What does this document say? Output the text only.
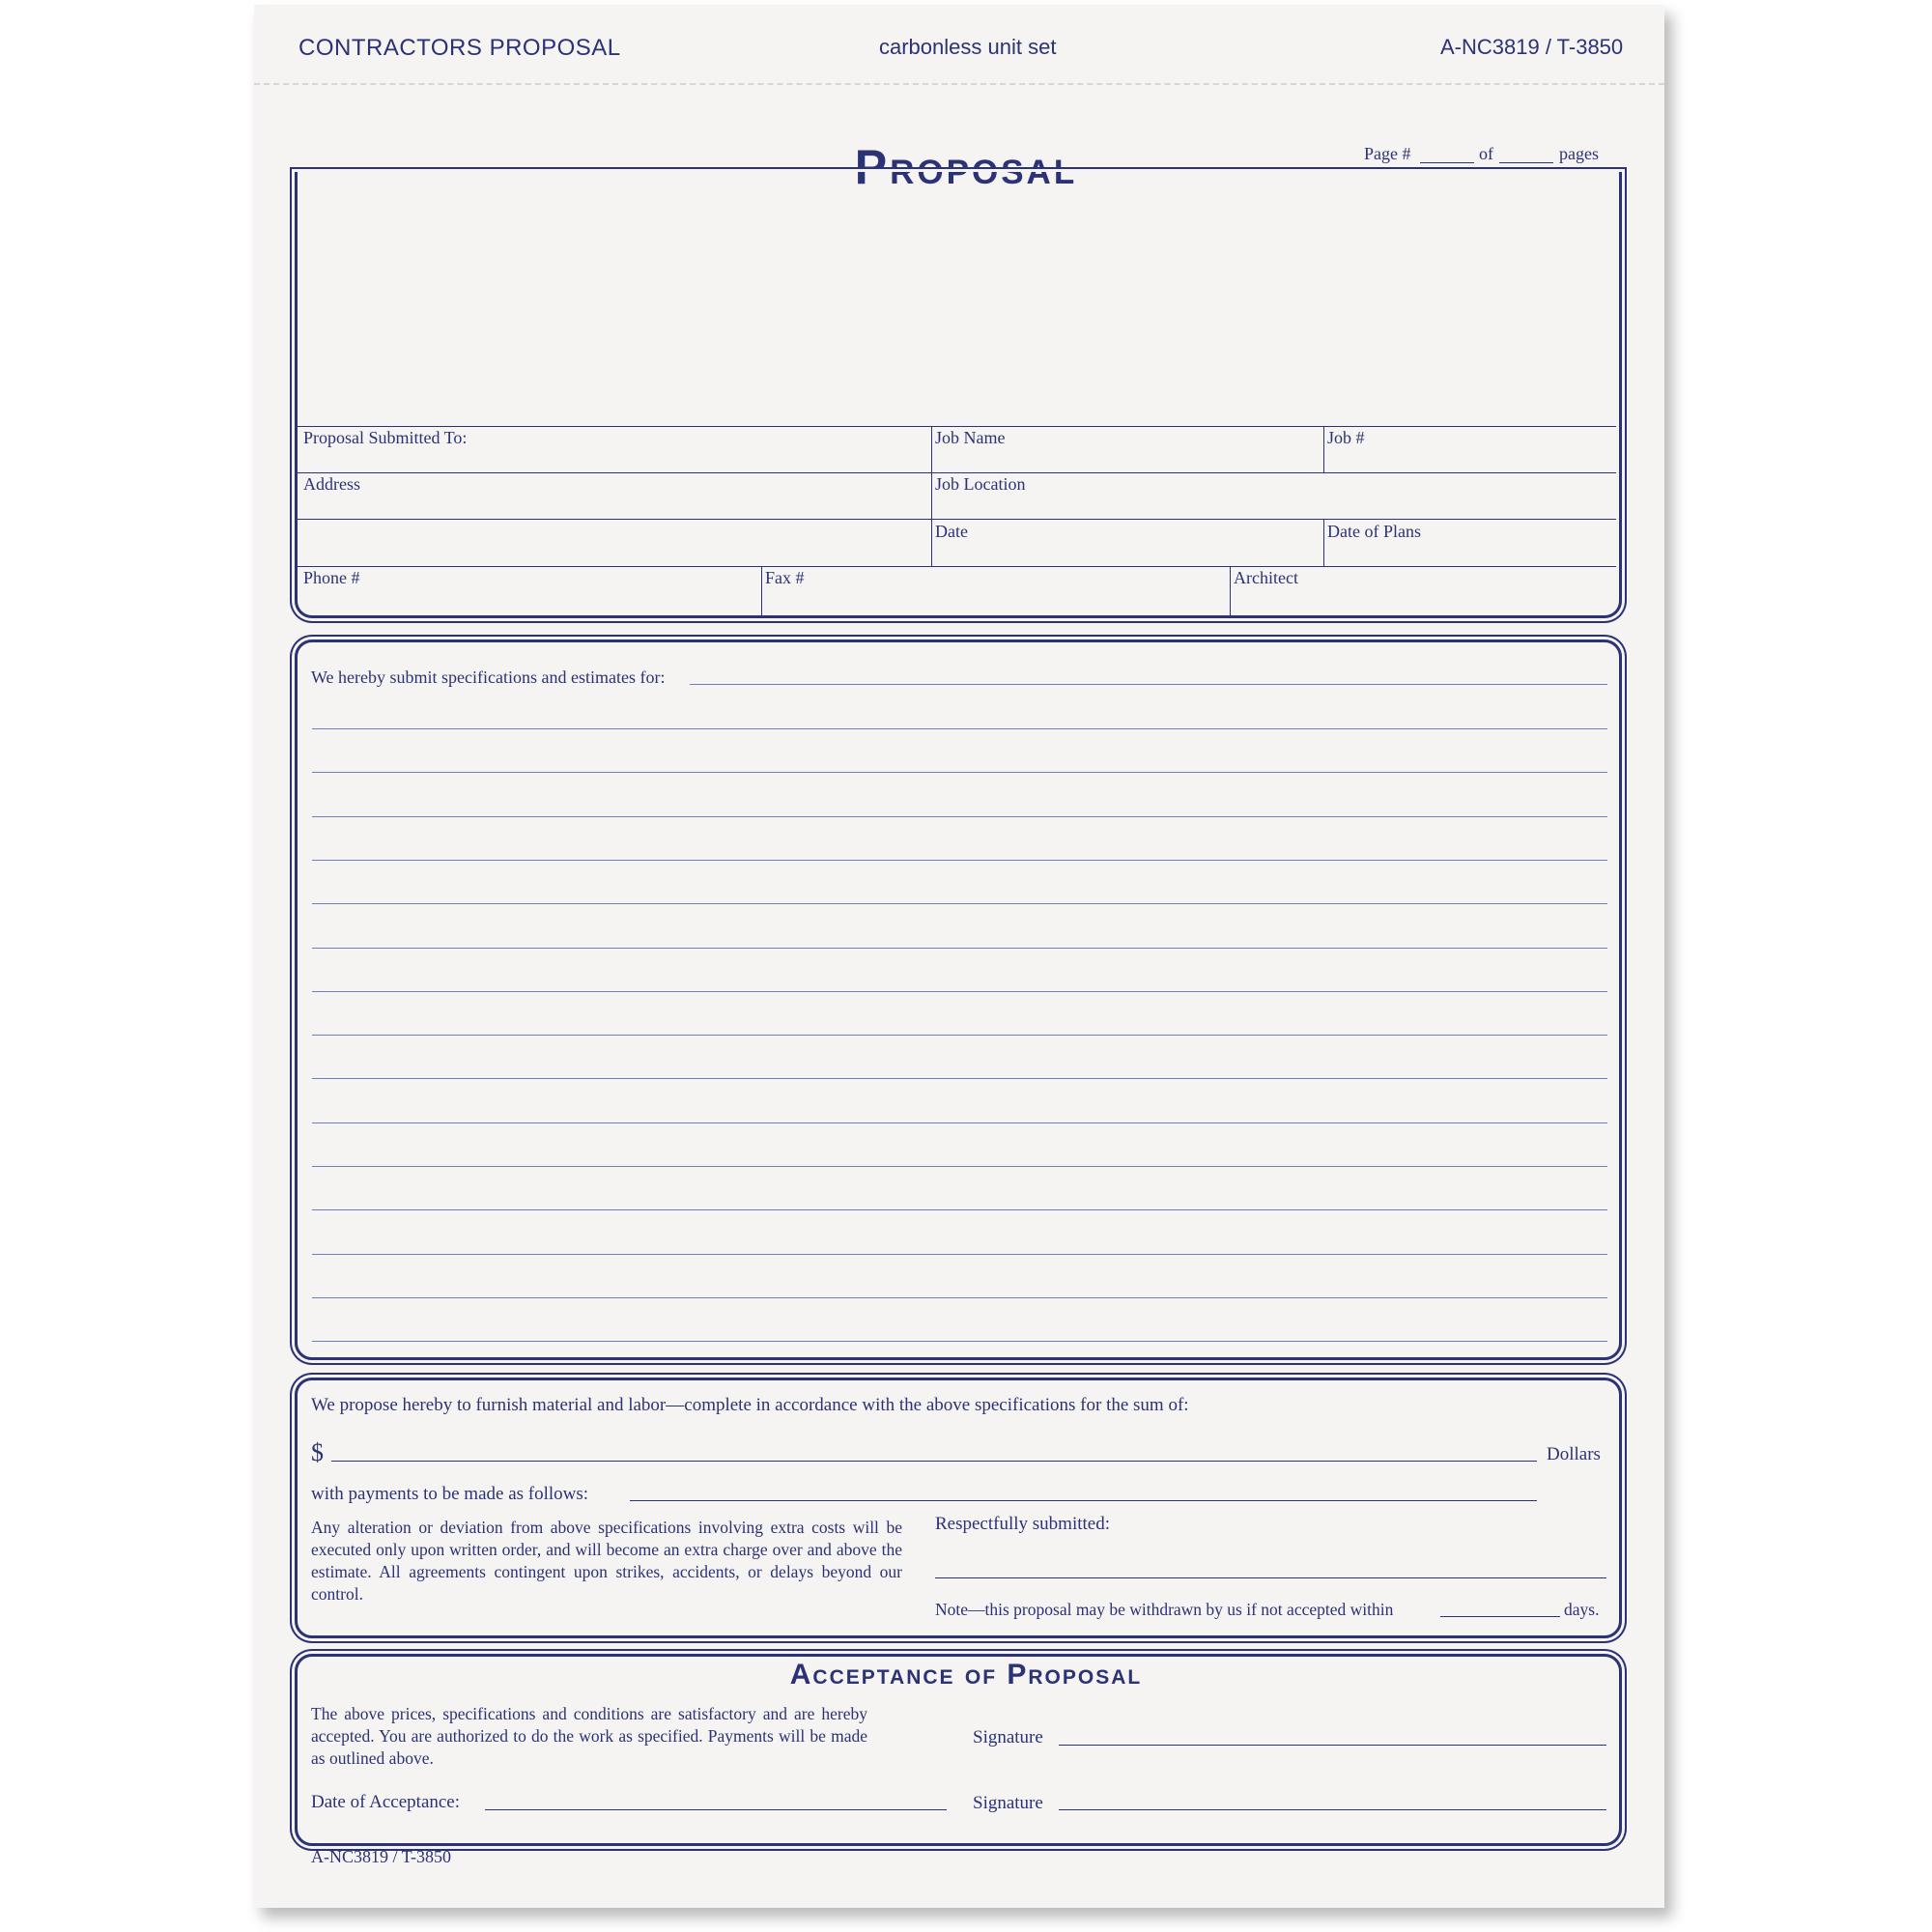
CONTRACTORS PROPOSAL	carbonless unit set	A-NC3819 / T-3850
Proposal	Page #	of	pages
Proposal Submitted To:	Job Name	Job #
Address	Job Location
Date	Date of Plans
Phone #	Fax #	Architect
We hereby submit specifications and estimates for:
We propose hereby to furnish material and labor—complete in accordance with the above specifications for the sum of:
$	Dollars
with payments to be made as follows:
Any alteration or deviation from above specifications involving extra costs will be executed only upon written order, and will become an extra charge over and above the estimate. All agreements contingent upon strikes, accidents, or delays beyond our control.
Respectfully submitted:
Note—this proposal may be withdrawn by us if not accepted within	days.
Acceptance of Proposal
The above prices, specifications and conditions are satisfactory and are hereby accepted. You are authorized to do the work as specified. Payments will be made as outlined above.
Signature
Date of Acceptance:	Signature
A-NC3819 / T-3850
